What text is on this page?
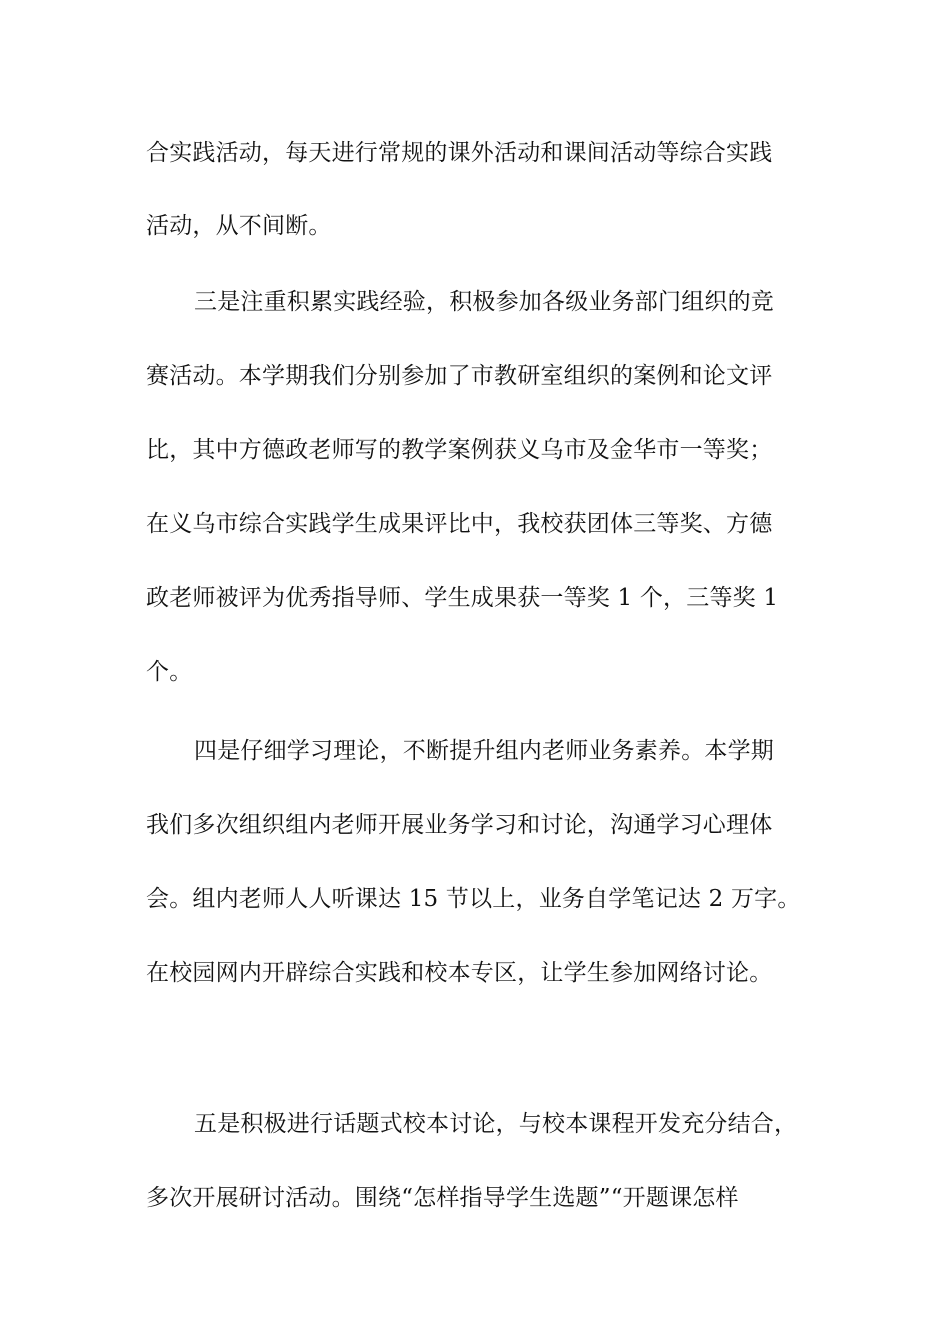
合实践活动，每天进行常规的课外活动和课间活动等综合实践
活动，从不间断。
三是注重积累实践经验，积极参加各级业务部门组织的竞
赛活动。本学期我们分别参加了市教研室组织的案例和论文评
比，其中方德政老师写的教学案例获义乌市及金华市一等奖；
在义乌市综合实践学生成果评比中，我校获团体三等奖、方德
政老师被评为优秀指导师、学生成果获一等奖 1 个，三等奖 1
个。
四是仔细学习理论，不断提升组内老师业务素养。本学期
我们多次组织组内老师开展业务学习和讨论，沟通学习心理体
会。组内老师人人听课达 15 节以上，业务自学笔记达 2 万字。
在校园网内开辟综合实践和校本专区，让学生参加网络讨论。
五是积极进行话题式校本讨论，与校本课程开发充分结合，
多次开展研讨活动。围绕“怎样指导学生选题”“开题课怎样
